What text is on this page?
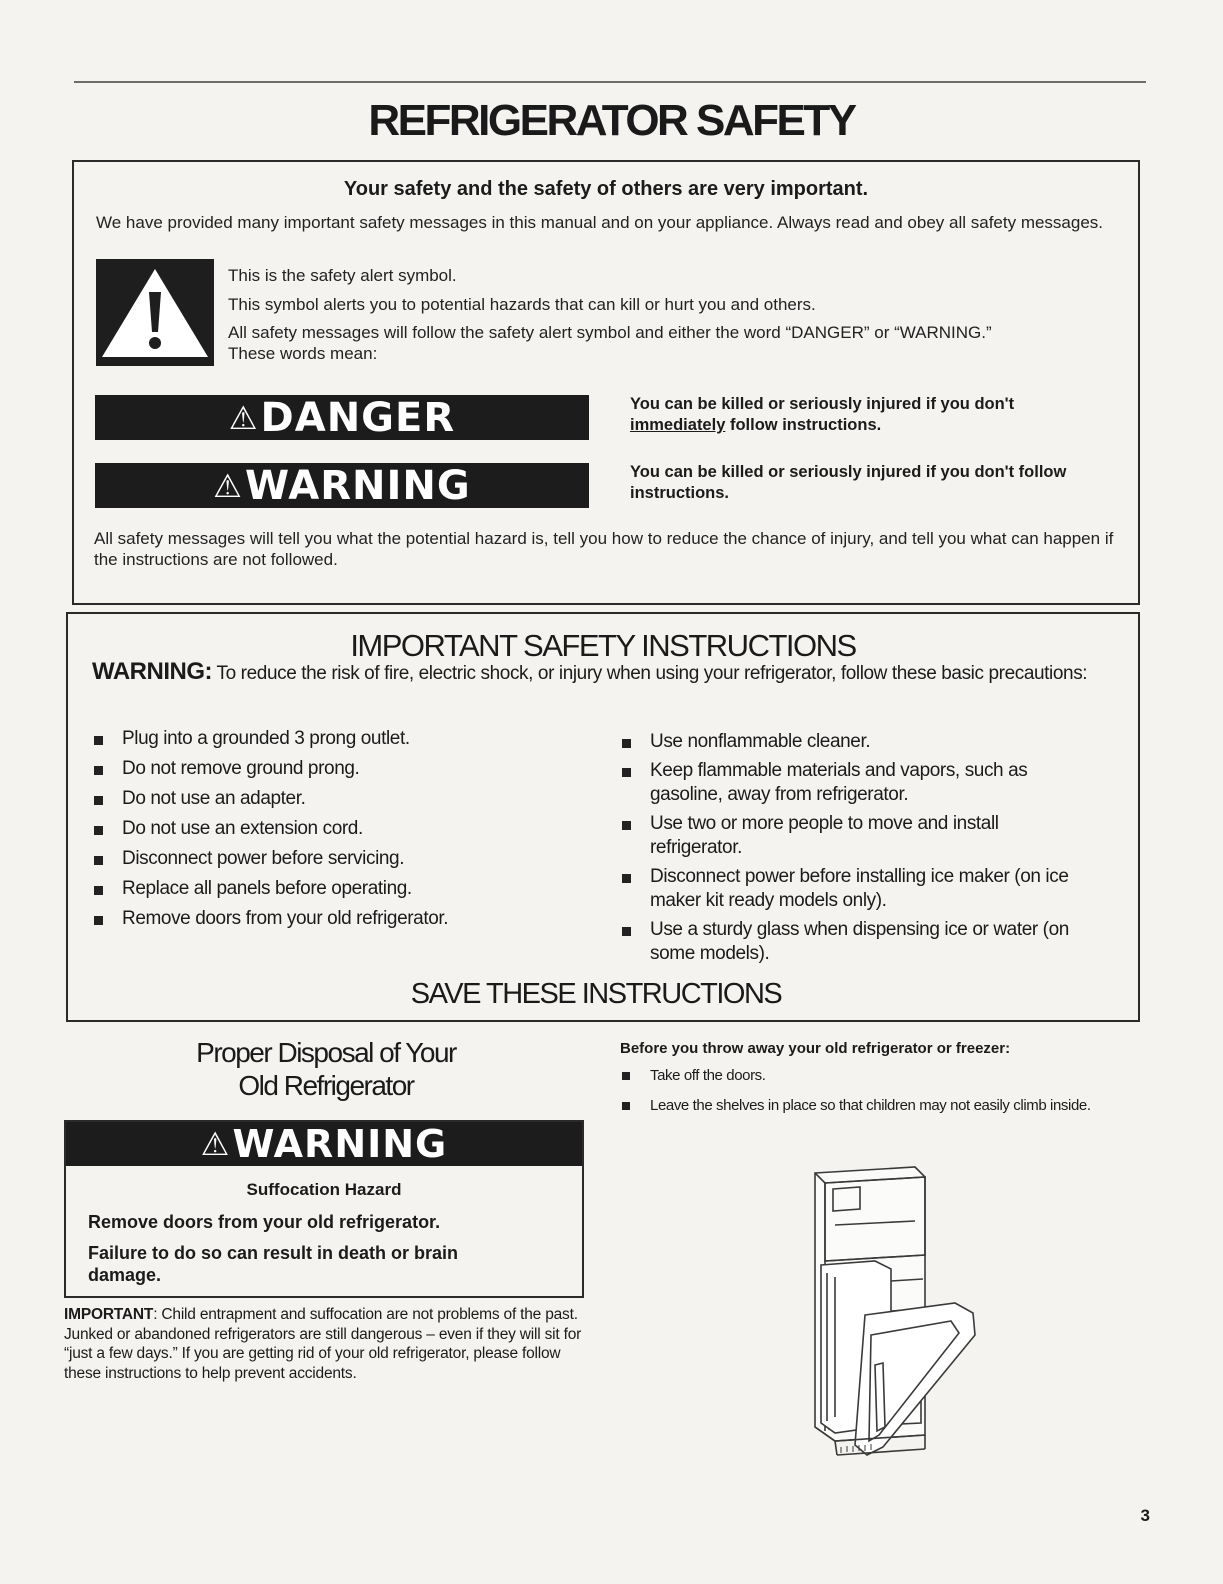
REFRIGERATOR SAFETY
Your safety and the safety of others are very important.
We have provided many important safety messages in this manual and on your appliance. Always read and obey all safety messages.
This is the safety alert symbol.
This symbol alerts you to potential hazards that can kill or hurt you and others.
All safety messages will follow the safety alert symbol and either the word “DANGER” or “WARNING.” These words mean:
⚠ DANGER	You can be killed or seriously injured if you don't immediately follow instructions.
⚠ WARNING	You can be killed or seriously injured if you don't follow instructions.
All safety messages will tell you what the potential hazard is, tell you how to reduce the chance of injury, and tell you what can happen if the instructions are not followed.
IMPORTANT SAFETY INSTRUCTIONS
WARNING: To reduce the risk of fire, electric shock, or injury when using your refrigerator, follow these basic precautions:
Plug into a grounded 3 prong outlet.
Do not remove ground prong.
Do not use an adapter.
Do not use an extension cord.
Disconnect power before servicing.
Replace all panels before operating.
Remove doors from your old refrigerator.
Use nonflammable cleaner.
Keep flammable materials and vapors, such as gasoline, away from refrigerator.
Use two or more people to move and install refrigerator.
Disconnect power before installing ice maker (on ice maker kit ready models only).
Use a sturdy glass when dispensing ice or water (on some models).
SAVE THESE INSTRUCTIONS
Proper Disposal of Your
Old Refrigerator
⚠ WARNING
Suffocation Hazard
Remove doors from your old refrigerator.
Failure to do so can result in death or brain damage.
IMPORTANT: Child entrapment and suffocation are not problems of the past. Junked or abandoned refrigerators are still dangerous – even if they will sit for “just a few days.” If you are getting rid of your old refrigerator, please follow these instructions to help prevent accidents.
Before you throw away your old refrigerator or freezer:
Take off the doors.
Leave the shelves in place so that children may not easily climb inside.
3
